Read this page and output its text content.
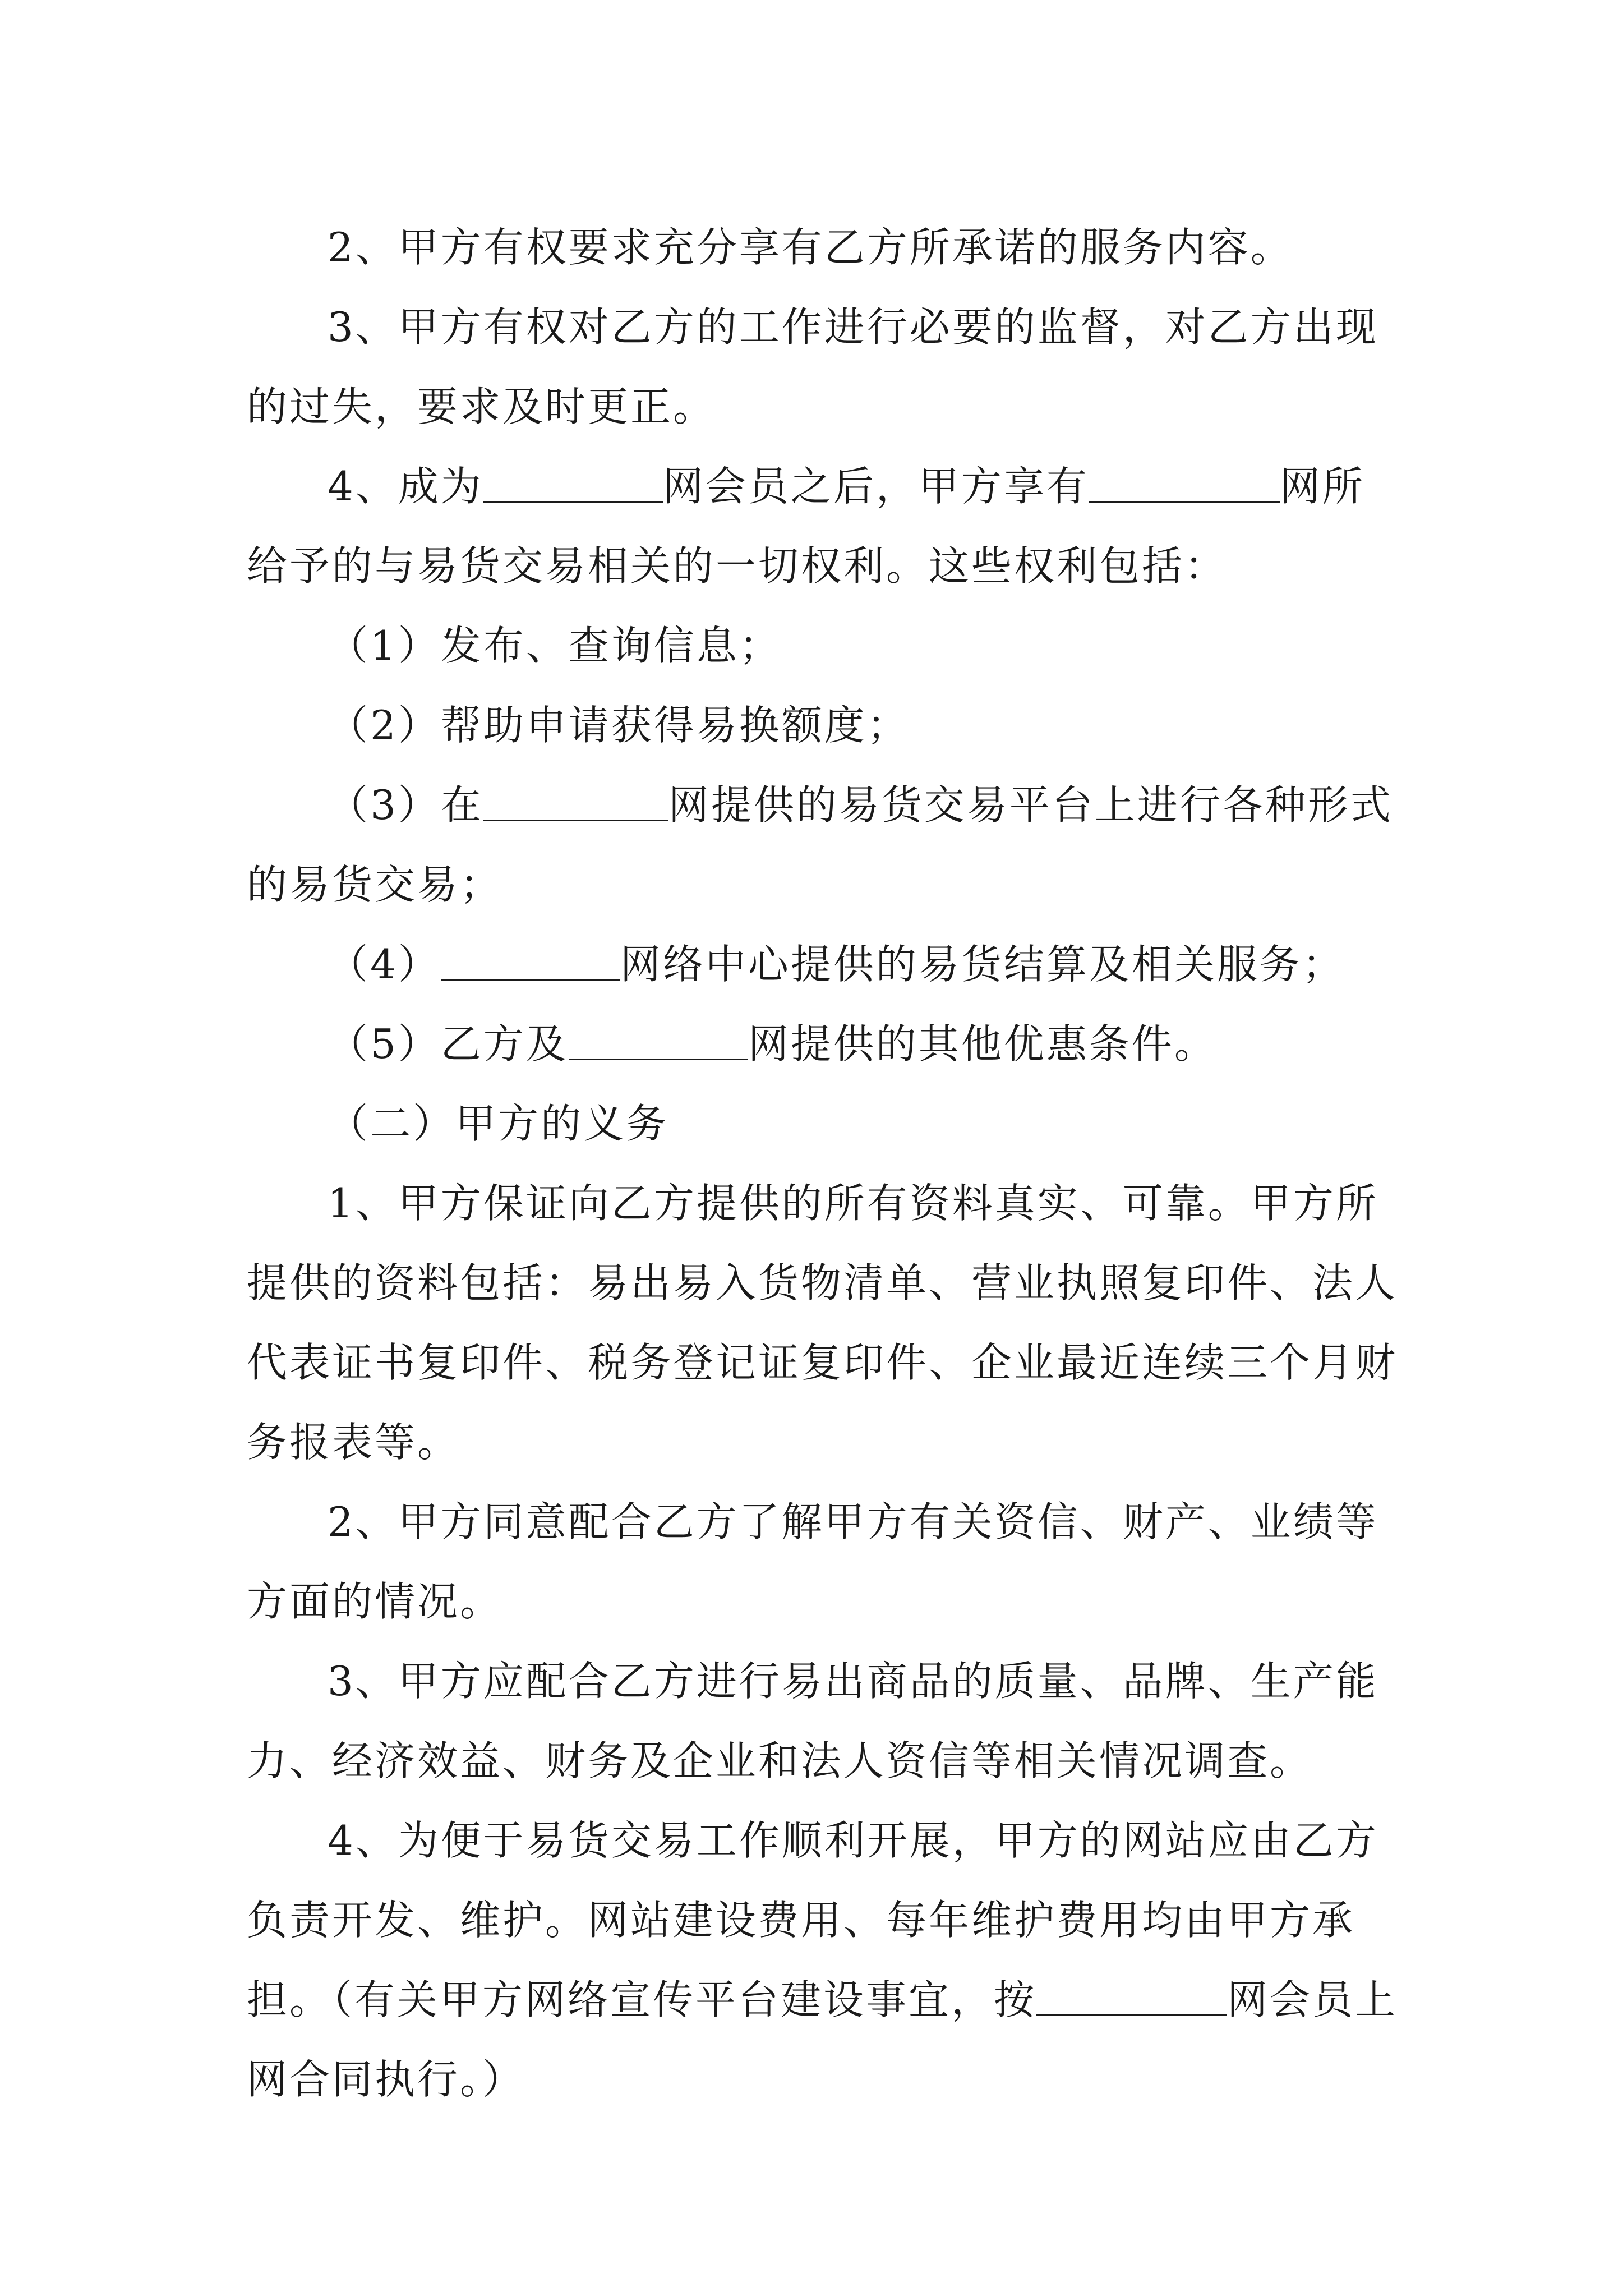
2、甲方有权要求充分享有乙方所承诺的服务内容。

3、甲方有权对乙方的工作进行必要的监督，对乙方出现的过失，要求及时更正。

4、成为	网会员之后，甲方享有	网所给予的与易货交易相关的一切权利。这些权利包括：

（1）发布、查询信息；

（2）帮助申请获得易换额度；

（3）在	网提供的易货交易平台上进行各种形式的易货交易；

（4）	网络中心提供的易货结算及相关服务；

（5）乙方及	网提供的其他优惠条件。

（二）甲方的义务

1、甲方保证向乙方提供的所有资料真实、可靠。甲方所提供的资料包括：易出易入货物清单、营业执照复印件、法人代表证书复印件、税务登记证复印件、企业最近连续三个月财务报表等。

2、甲方同意配合乙方了解甲方有关资信、财产、业绩等方面的情况。

3、甲方应配合乙方进行易出商品的质量、品牌、生产能力、经济效益、财务及企业和法人资信等相关情况调查。

4、为便于易货交易工作顺利开展，甲方的网站应由乙方负责开发、维护。网站建设费用、每年维护费用均由甲方承担。（有关甲方网络宣传平台建设事宜，按	网会员上网合同执行。）
